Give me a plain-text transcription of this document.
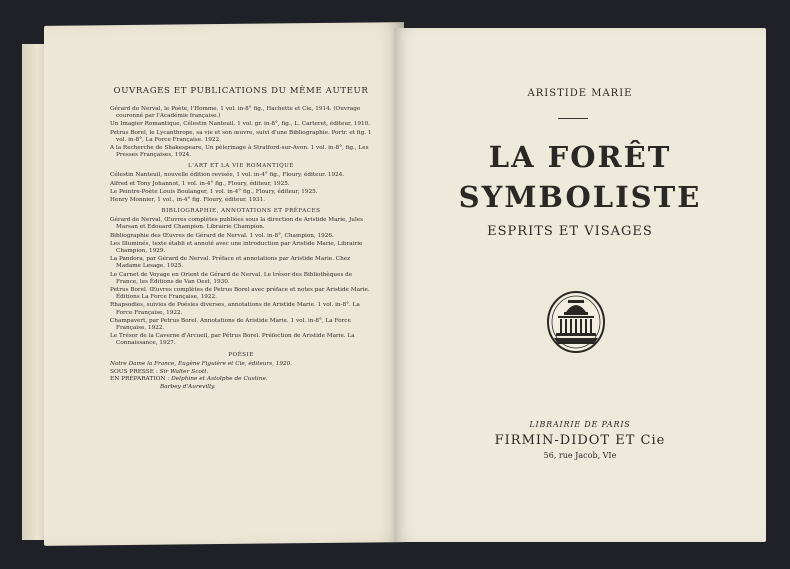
OUVRAGES ET PUBLICATIONS DU MÊME AUTEUR
Gérard de Nerval, le Poète, l'Homme. 1 vol. in-8° fig., Hachette et Cie, 1914. (Ouvrage couronné par l'Académie française.)
Un Imagier Romantique, Célestin Nanteuil. 1 vol. gr. in-8°, fig., L. Carteret, éditeur, 1910.
Petrus Borel, le Lycanthrope, sa vie et son œuvre, suivi d'une Bibliographie. Portr. et fig. 1 vol. in-8°, La Force Française. 1922.
A la Recherche de Shakespeare, Un pèlerinage à Stratford-sur-Avon. 1 vol. in-8°, fig., Les Presses Françaises, 1924.
L'ART ET LA VIE ROMANTIQUE
Célestin Nanteuil, nouvelle édition revisée, 1 vol. in-4° fig., Floury, éditeur. 1924.
Alfred et Tony Johannot, 1 vol. in-4° fig., Floury, éditeur, 1925.
Le Peintre-Poète Louis Boulanger, 1 vol. in-4° fig., Floury, éditeur, 1925.
Henry Monnier, 1 vol., in-4° fig. Floury, éditeur, 1931.
BIBLIOGRAPHIE, ANNOTATIONS ET PRÉFACES
Gérard de Nerval, Œuvres complètes publiées sous la direction de Aristide Marie, Jules Marsan et Edouard Champion. Librairie Champion.
Bibliographie des Œuvres de Gérard de Nerval. 1 vol. in-8°, Champion, 1926.
Les Illuminés, texte établi et annoté avec une introduction par Aristide Marie, Librairie Champion, 1929.
La Pandora, par Gérard de Nerval. Préface et annotations par Aristide Marie. Chez Madame Lesage. 1925.
Le Carnet de Voyage en Orient de Gérard de Nerval. Le trésor des Bibliothèques de France, les Éditions de Van Oest, 1930.
Petrus Borel. Œuvres complètes de Petrus Borel avec préface et notes par Aristide Marie. Éditions La Force Française, 1922.
Rhapsodies, suivies de Poésies diverses, annotations de Aristide Marie. 1 vol. in-8°. La Force Française, 1922.
Champavert, par Petrus Borel. Annotations de Aristide Marie. 1 vol. in-8°, La Force Française, 1922.
Le Trésor de la Caverne d'Arcueil, par Pétrus Borel. Préfection de Aristide Marie. La Connaissance, 1927.
POÉSIE
Notre Dame la France, Eugène Figuière et Cie, éditeurs, 1920.
SOUS PRESSE : Sir Walter Scott.
EN PRÉPARATION : Delphine et Astolphe de Custine.
Barbey d'Aurevilly.
ARISTIDE MARIE
LA FORÊT
SYMBOLISTE
ESPRITS ET VISAGES
LIBRAIRIE DE PARIS
FIRMIN-DIDOT ET Cie
56, rue Jacob, VIe
